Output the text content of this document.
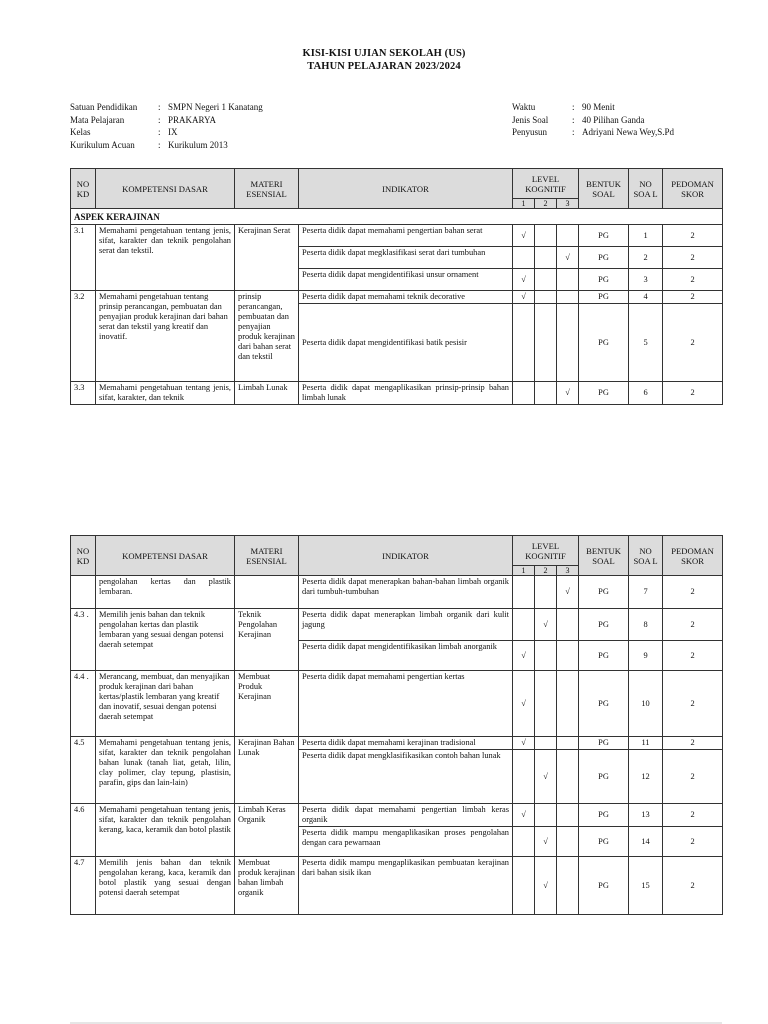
KISI-KISI UJIAN SEKOLAH (US)
TAHUN PELAJARAN 2023/2024
Satuan Pendidikan	: SMPN Negeri 1 Kanatang
Mata Pelajaran	: PRAKARYA
Kelas	: IX
Kurikulum Acuan	: Kurikulum 2013
Waktu	: 90 Menit
Jenis Soal	: 40 Pilihan Ganda
Penyusun	: Adriyani Newa Wey,S.Pd
NO KD	KOMPETENSI DASAR	MATERI ESENSIAL	INDIKATOR	LEVEL KOGNITIF			BENTUK SOAL	NO SOA L	PEDOMAN SKOR
				1	2	3			
ASPEK KERAJINAN									
3.1	Memahami pengetahuan tentang jenis, sifat, karakter dan teknik pengolahan serat dan tekstil.	Kerajinan Serat	Peserta didik dapat memahami pengertian bahan serat	√			PG	1	2
			Peserta didik dapat megklasifikasi serat dari tumbuhan			√	PG	2	2
			Peserta didik dapat mengidentifikasi unsur ornament	√			PG	3	2
3.2	Memahami pengetahuan tentang prinsip perancangan, pembuatan dan penyajian produk kerajinan dari bahan serat dan tekstil yang kreatif dan inovatif.	prinsip perancangan, pembuatan dan penyajian produk kerajinan dari bahan serat dan tekstil	Peserta didik dapat memahami teknik decorative	√			PG	4	2
			Peserta didik dapat mengidentifikasi batik pesisir				PG	5	2
3.3	Memahami pengetahuan tentang jenis, sifat, karakter, dan teknik	Limbah Lunak	Peserta didik dapat mengaplikasikan prinsip-prinsip bahan limbah lunak			√	PG	6	2
NO KD	KOMPETENSI DASAR	MATERI ESENSIAL	INDIKATOR	LEVEL KOGNITIF			BENTUK SOAL	NO SOA L	PEDOMAN SKOR
				1	2	3			
	pengolahan kertas dan plastik lembaran.		Peserta didik dapat menerapkan bahan-bahan limbah organik dari tumbuh-tumbuhan			√	PG	7	2
4.3 .	Memilih jenis bahan dan teknik pengolahan kertas dan plastik lembaran yang sesuai dengan potensi daerah setempat	Teknik Pengolahan Kerajinan	Peserta didik dapat menerapkan limbah organik dari kulit jagung		√		PG	8	2
			Peserta didik dapat mengidentifikasikan limbah anorganik	√			PG	9	2
4.4 .	Merancang, membuat, dan menyajikan produk kerajinan dari bahan kertas/plastik lembaran yang kreatif dan inovatif, sesuai dengan potensi daerah setempat	Membuat Produk Kerajinan	Peserta didik dapat memahami pengertian kertas	√			PG	10	2
4.5	Memahami pengetahuan tentang jenis, sifat, karakter dan teknik pengolahan bahan lunak (tanah liat, getah, lilin, clay polimer, clay tepung, plastisin, parafin, gips dan lain-lain)	Kerajinan Bahan Lunak	Peserta didik dapat memahami kerajinan tradisional	√			PG	11	2
			Peserta didik dapat mengklasifikasikan contoh bahan lunak		√		PG	12	2
4.6	Memahami pengetahuan tentang jenis, sifat, karakter dan teknik pengolahan kerang, kaca, keramik dan botol plastik	Limbah Keras Organik	Peserta didik dapat memahami pengertian limbah keras organik	√			PG	13	2
			Peserta didik mampu mengaplikasikan proses pengolahan dengan cara pewarnaan		√		PG	14	2
4.7	Memilih jenis bahan dan teknik pengolahan kerang, kaca, keramik dan botol plastik yang sesuai dengan potensi daerah setempat	Membuat produk kerajinan bahan limbah organik	Peserta didik mampu mengaplikasikan pembuatan kerajinan dari bahan sisik ikan		√		PG	15	2
